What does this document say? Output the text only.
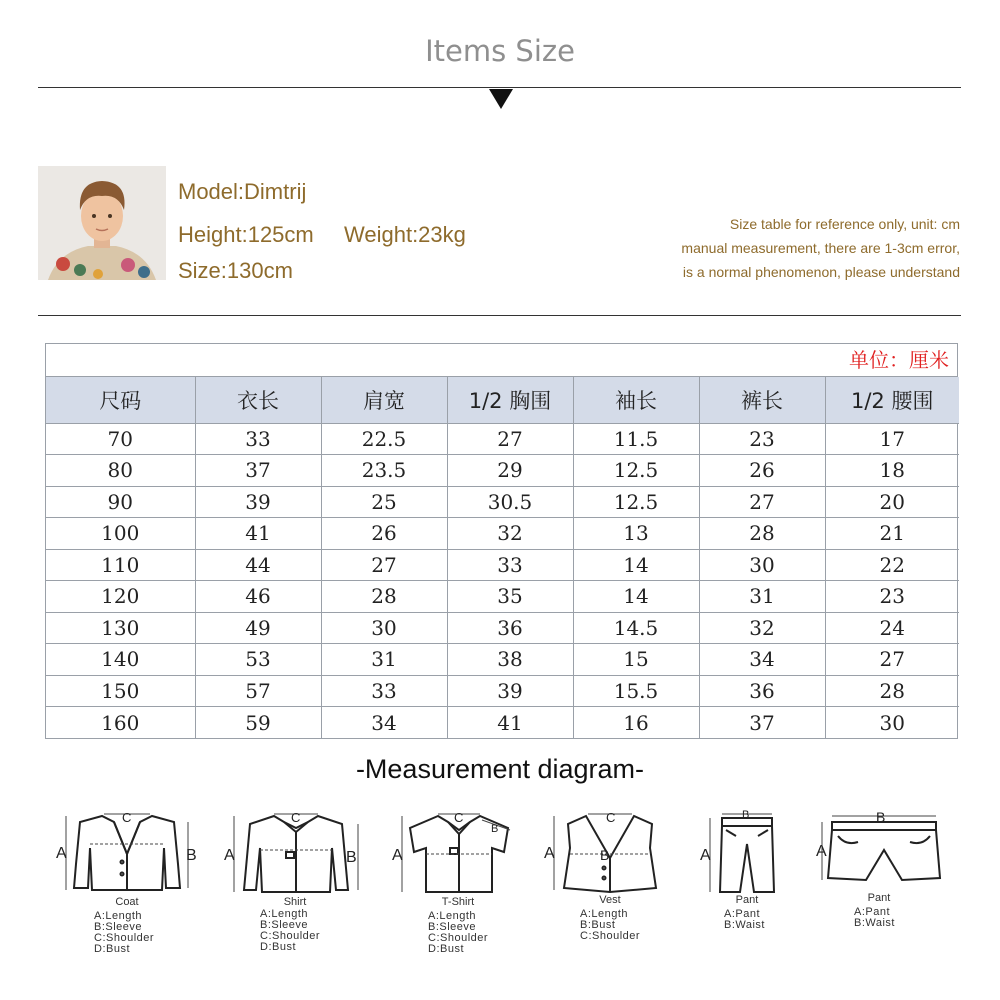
Items Size
Model:Dimtrij
Height:125cm Weight:23kg
Size:130cm
Size table for reference only, unit: cm
manual measurement, there are 1-3cm error,
is a normal phenomenon, please understand
单位：厘米
尺码	衣长	肩宽	1/2 胸围	袖长	裤长	1/2 腰围
70	33	22.5	27	11.5	23	17
80	37	23.5	29	12.5	26	18
90	39	25	30.5	12.5	27	20
100	41	26	32	13	28	21
110	44	27	33	14	30	22
120	46	28	35	14	31	23
130	49	30	36	14.5	32	24
140	53	31	38	15	34	27
150	57	33	39	15.5	36	28
160	59	34	41	16	37	30
-Measurement diagram-
A	B
C
Coat
A:Length
B:Sleeve
C:Shoulder
D:Bust
A	B
C
Shirt
A:Length
B:Sleeve
C:Shoulder
D:Bust
A
C
B
T-Shirt
A:Length
B:Sleeve
C:Shoulder
D:Bust
A
C
B
Vest
A:Length
B:Bust
C:Shoulder
A
B
Pant
A:Pant
B:Waist
A
B
Pant
A:Pant
B:Waist
